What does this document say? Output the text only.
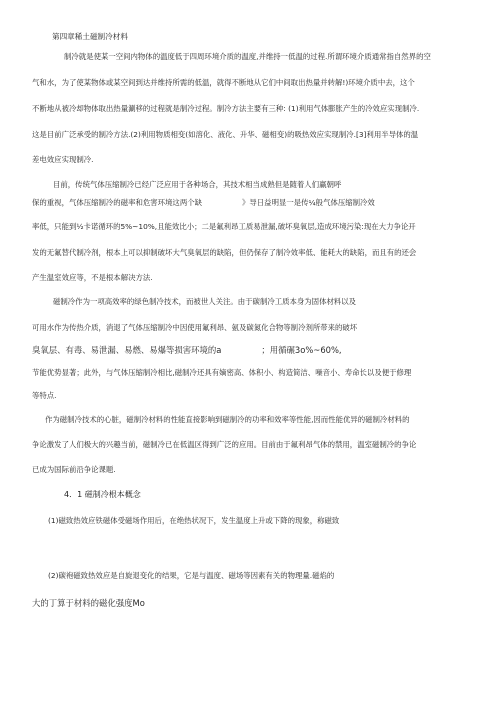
第四章稀土磁制冷材料
制冷就是使某一空间内物体的温度低于四周环境介质的温度,并维持一低温的过程.所谓环境介质通常指自然界的空
气和水，为了使某物体或某空间到达并维持所需的低温，就得不断地从它们中间取出热量并转解!)环境介质中去，这个
不断地从被冷却物体取出热量涮移的过程就是制冷过程。制冷方法主要有三种: (1)利用气体膨胀产生的冷效应实现制冷.
这是目前广泛承受的制冷方法.(2)利用物质相变(如溶化、液化、升华、磁相变)的吸热效应实现制冷.[3]利用半导体的温
差电效应实现制冷.
目前，传统气体压缩制冷已经广泛应用于各种场合，其技术相当成熟但是随着人们赢朝呼
保的重视，气体压缩制冷的磁率和危害环境这两个缺	》导日益明显一是传¼般气体压缩制冷效
率低，只能到½卡诺循环的5%~10%,且能效比小；二是氟利昂工质易泄漏,破坏臭氧层,造成环境污染:现在大力争论开
发的无氟替代制冷剂，根本上可以抑制破坏大气臭氧层的缺陷，但仍保存了制冷效率低、能耗大的缺陷，而且有的还会
产生温室效应等，不是根本解决方法.
磁制冷作为一项高效率的绿色制冷技术，而被世人关注。由于碳制冷工质本身为固体材料以及
可用水作为传热介质，消退了气体压缩制冷中因使用氟利昂、氨及碳氮化合物等制冷剂所带来的破坏
臭氧层、有毒、易泄漏、易燃、易爆等损害环境的a	；用循碾3o%~60%,
节能优势显著；此外，与气体压缩制冷相比,磁制冷还具有嫡密高、体积小、构造简洁、噪音小、寿命长以及便于修理
等特点.
作为磁制冷技术的心脏，磁制冷材料的性能直接影响到磁制冷的功率和效率等性能,因而性能优异的磁制冷材料的
争论激发了人们极大的兴趣当前，磁制冷已在低温区得到广泛的应用。目前由于氟利昂气体的禁用，温室磁制冷的争论
已成为国际前沿争论课题.
4．1 磁制冷根本概念
(1)磁致热效应铁磁体受磁场作用后，在绝热状况下，发生温度上升或下降的现象，称磁致
(2)碳袍磁致热效应是自旋退变化的结果，它是与温度、磁场等因素有关的物理量.磁焰的
大的丁算于材料的磁化强度Mo
